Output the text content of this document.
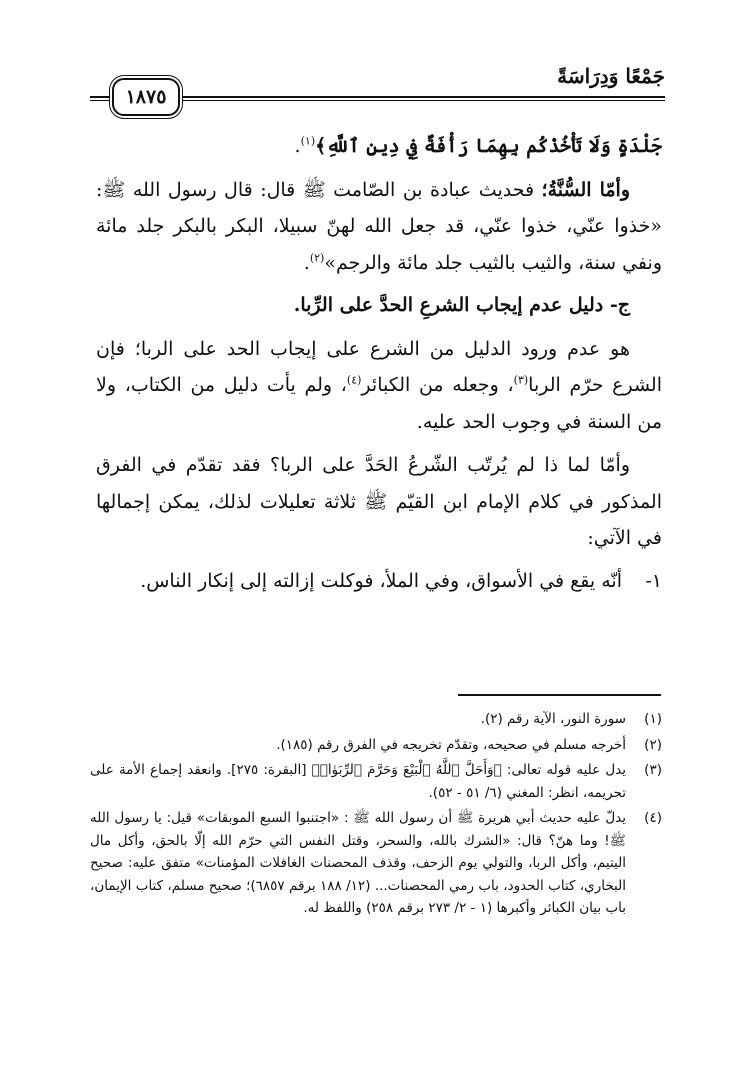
جَمْعًا وَدِرَاسَةً
١٨٧٥

جَلْدَةٍ وَلَا تَأْخُذْكُم بِهِمَا رَأْفَةٌ فِي دِينِ ٱللَّهِ﴾$^{(١)}$.

وأمّا السُّنَّةُ؛ فحديث عبادة بن الصّامت ﷺ قال: قال رسول الله ﷺ: «خذوا عنّي، خذوا عنّي، قد جعل الله لهنّ سبيلا، البكر بالبكر جلد مائة ونفي سنة، والثيب بالثيب جلد مائة والرجم»$^{(٢)}$.

ج- دليل عدم إيجاب الشرعِ الحدَّ على الرِّبا.

هو عدم ورود الدليل من الشرع على إيجاب الحد على الربا؛ فإن الشرع حرّم الربا$^{(٣)}$، وجعله من الكبائر$^{(٤)}$، ولم يأت دليل من الكتاب، ولا من السنة في وجوب الحد عليه.

وأمّا لما ذا لم يُرتّب الشّرعُ الحَدَّ على الربا؟ فقد تقدّم في الفرق المذكور في كلام الإمام ابن القيّم ﷺ ثلاثة تعليلات لذلك، يمكن إجمالها في الآتي:

١-
أنّه يقع في الأسواق، وفي الملأ، فوكلت إزالته إلى إنكار الناس.
(١)
سورة النور، الآية رقم (٢).
(٢)
أخرجه مسلم في صحيحه، وتقدّم تخريجه في الفرق رقم (١٨٥).
(٣)
يدل عليه قوله تعالى: ﴿وَأَحَلَّ ٱللَّهُ ٱلْبَيْعَ وَحَرَّمَ ٱلرِّبَوٰا۟﴾ [البقرة: ٢٧٥]. وانعقد إجماع الأمة على تحريمه، انظر: المغني (٦/ ٥١ - ٥٢).
(٤)
يدلّ عليه حديث أبي هريرة ﷺ أن رسول الله ﷺ : «اجتنبوا السبع الموبقات» قيل: يا رسول الله ﷺ! وما هنّ؟ قال: «الشرك بالله، والسحر، وقتل النفس التي حرّم الله إلّا بالحق، وأكل مال اليتيم، وأكل الربا، والتولي يوم الزحف، وقذف المحصنات الغافلات المؤمنات» متفق عليه: صحيح البخاري، كتاب الحدود، باب رمي المحصنات... (١٢/ ١٨٨ برقم ٦٨٥٧)؛ صحيح مسلم، كتاب الإيمان، باب بيان الكبائر وأكبرها (١ - ٢/ ٢٧٣ برقم ٢٥٨) واللفظ له.
